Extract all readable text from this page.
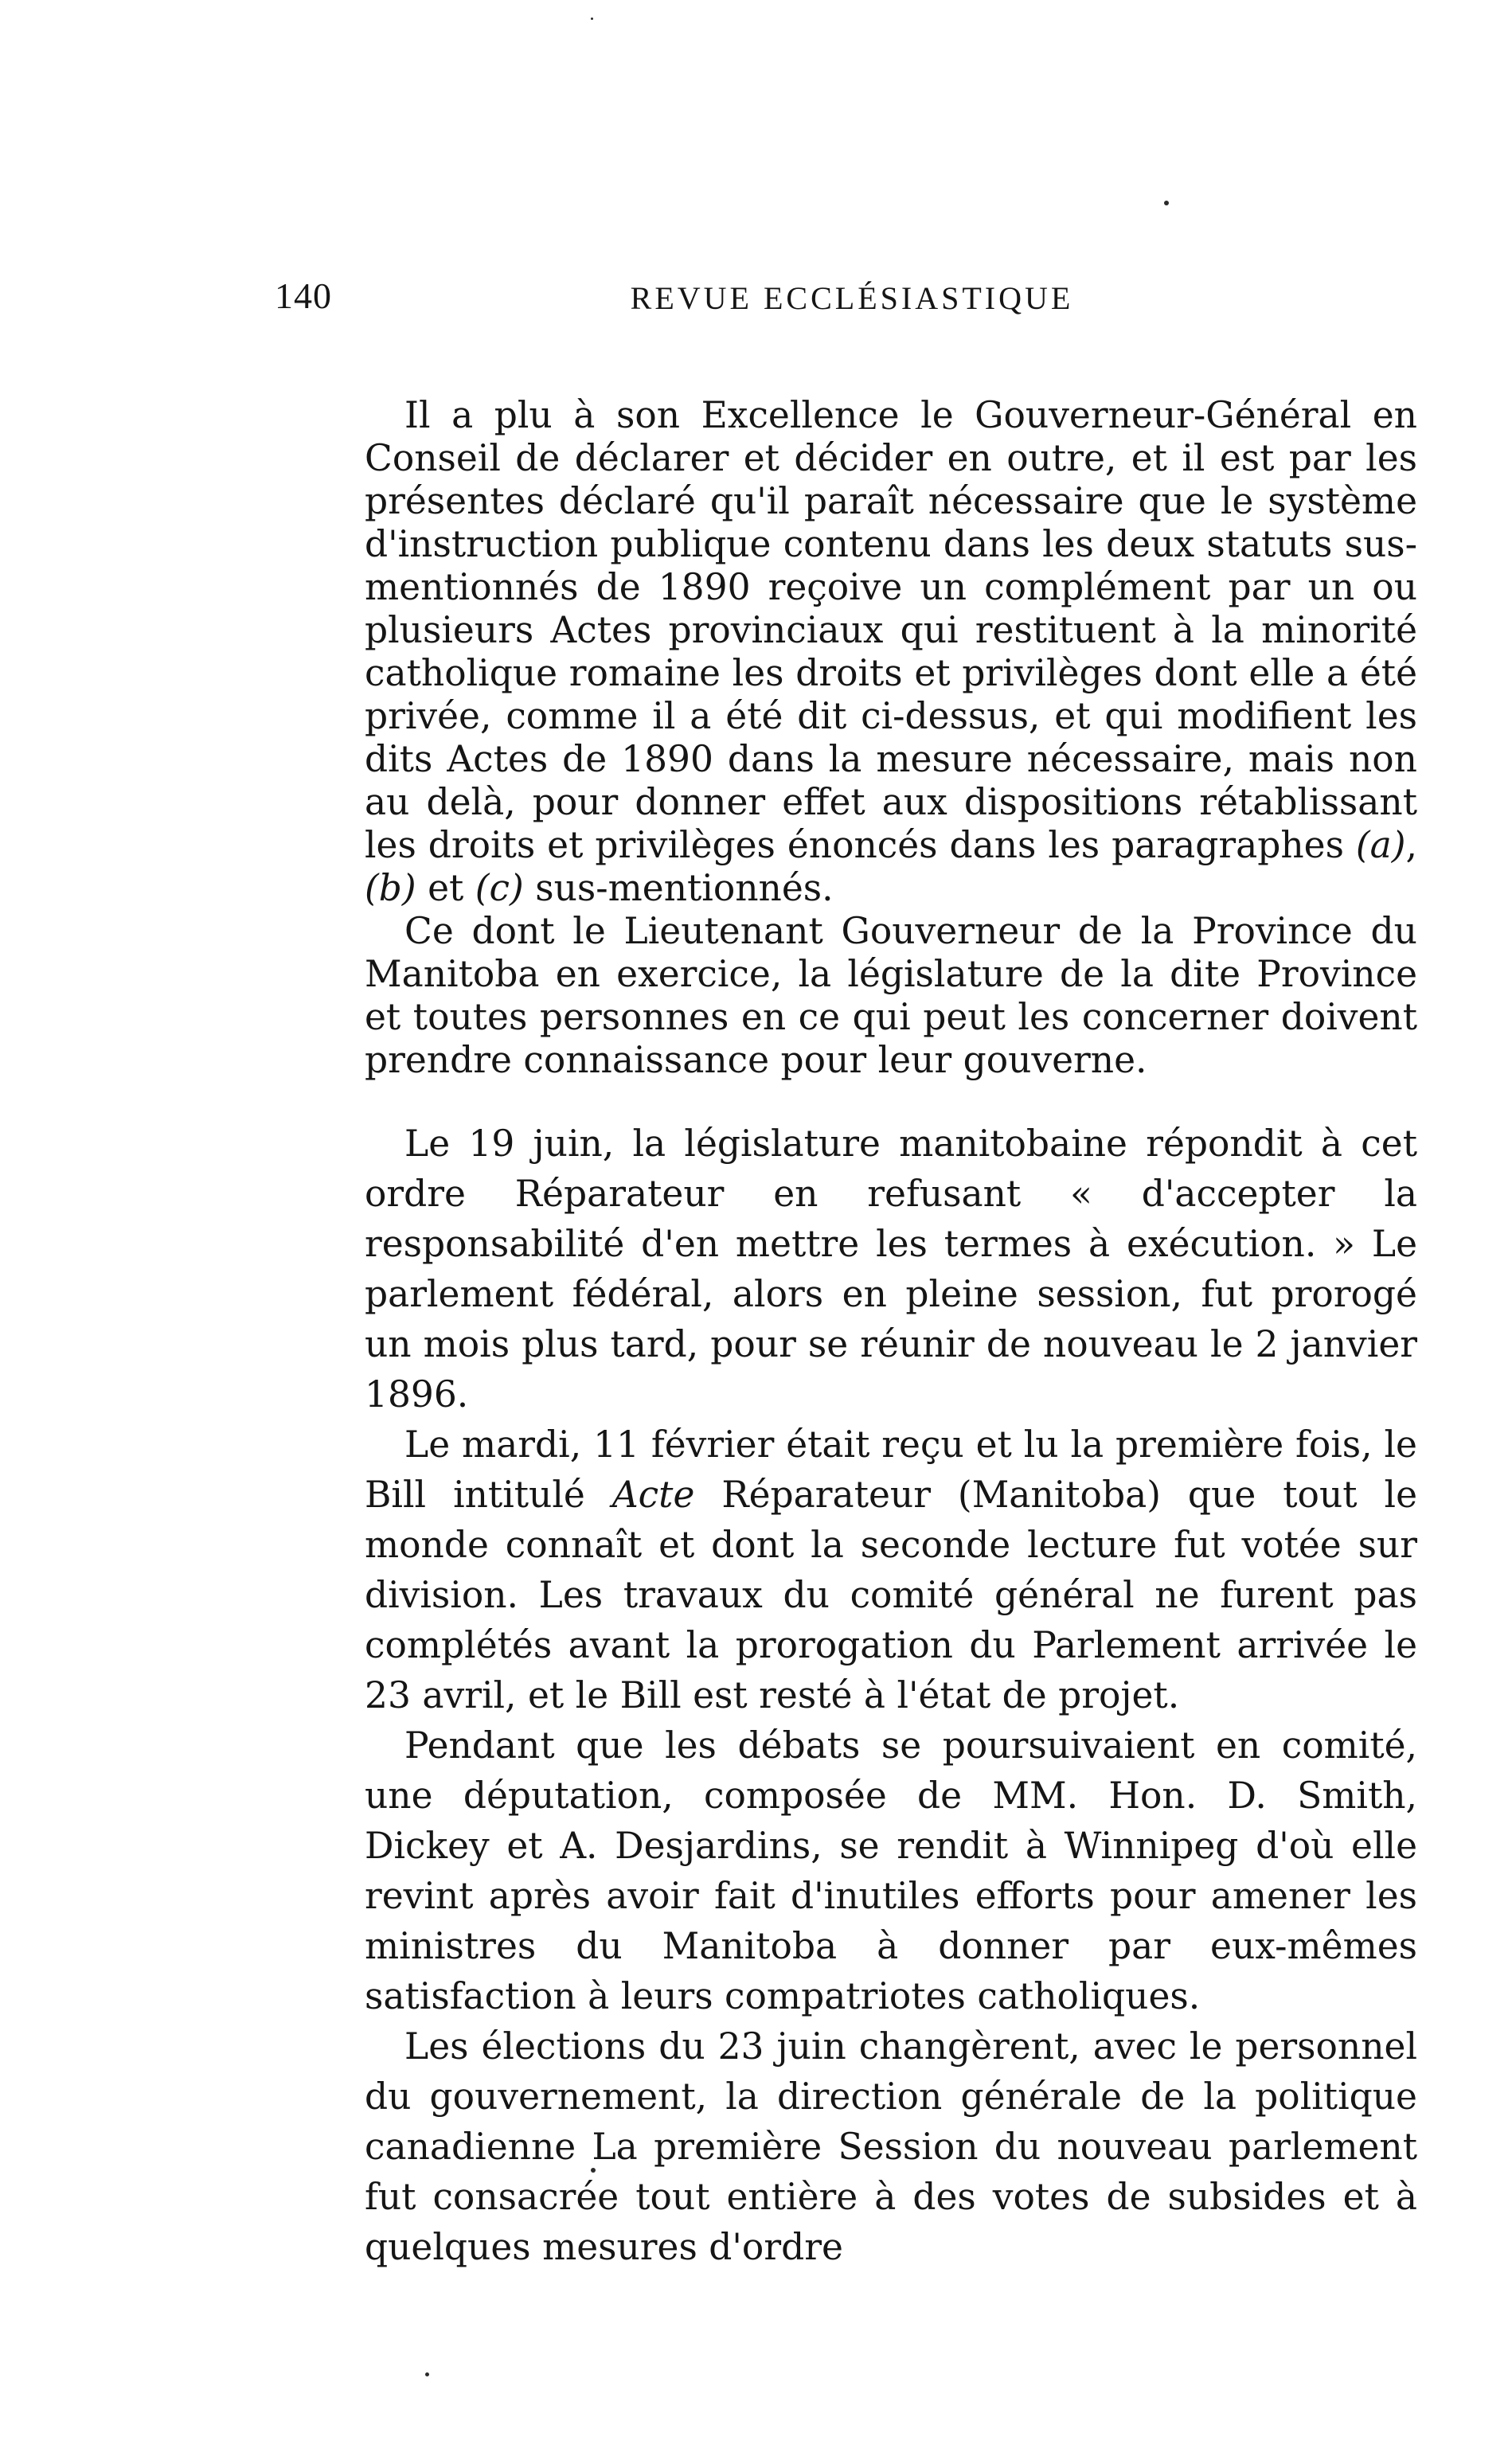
140	REVUE ECCLÉSIASTIQUE

Il a plu à son Excellence le Gouverneur-Général en Conseil de déclarer et décider en outre, et il est par les présentes déclaré qu'il paraît nécessaire que le système d'instruction publique contenu dans les deux statuts sus-mentionnés de 1890 reçoive un complément par un ou plusieurs Actes provinciaux qui restituent à la minorité catholique romaine les droits et privilèges dont elle a été privée, comme il a été dit ci-dessus, et qui modifient les dits Actes de 1890 dans la mesure nécessaire, mais non au delà, pour donner effet aux dispositions rétablissant les droits et privilèges énoncés dans les paragraphes (a), (b) et (c) sus-mentionnés.

Ce dont le Lieutenant Gouverneur de la Province du Manitoba en exercice, la législature de la dite Province et toutes personnes en ce qui peut les concerner doivent prendre connaissance pour leur gouverne.

Le 19 juin, la législature manitobaine répondit à cet ordre Réparateur en refusant « d'accepter la responsabilité d'en mettre les termes à exécution. » Le parlement fédéral, alors en pleine session, fut prorogé un mois plus tard, pour se réunir de nouveau le 2 janvier 1896.

Le mardi, 11 février était reçu et lu la première fois, le Bill intitulé Acte Réparateur (Manitoba) que tout le monde connaît et dont la seconde lecture fut votée sur division. Les travaux du comité général ne furent pas complétés avant la prorogation du Parlement arrivée le 23 avril, et le Bill est resté à l'état de projet.

Pendant que les débats se poursuivaient en comité, une députation, composée de MM. Hon. D. Smith, Dickey et A. Desjardins, se rendit à Winnipeg d'où elle revint après avoir fait d'inutiles efforts pour amener les ministres du Manitoba à donner par eux-mêmes satisfaction à leurs compatriotes catholiques.

Les élections du 23 juin changèrent, avec le personnel du gouvernement, la direction générale de la politique canadienne La première Session du nouveau parlement fut consacrée tout entière à des votes de subsides et à quelques mesures d'ordre
